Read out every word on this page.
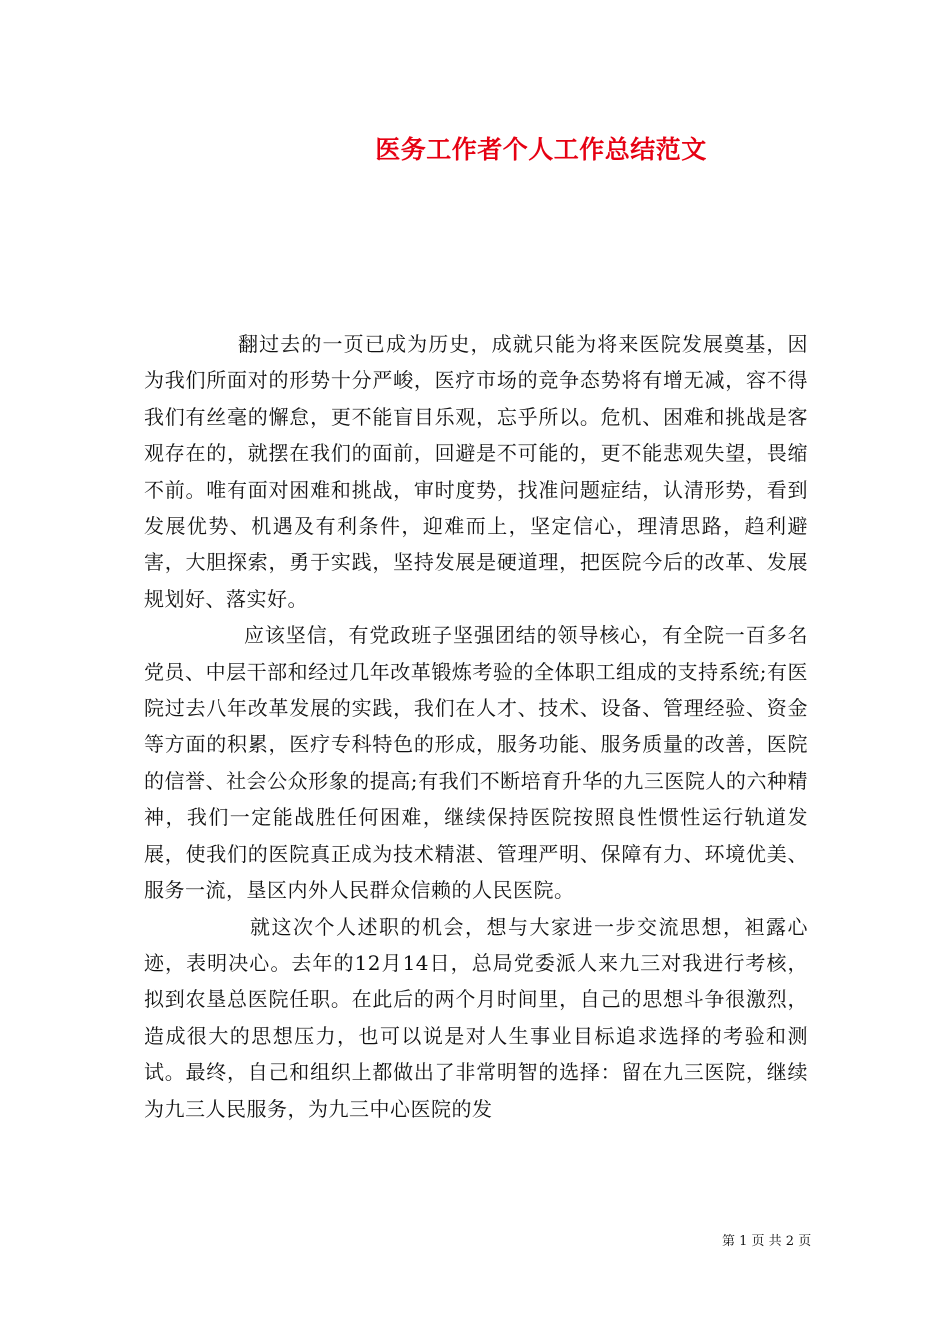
医务工作者个人工作总结范文

翻过去的一页已成为历史，成就只能为将来医院发展奠基，因为我们所面对的形势十分严峻，医疗市场的竞争态势将有增无减，容不得我们有丝毫的懈怠，更不能盲目乐观，忘乎所以。危机、困难和挑战是客观存在的，就摆在我们的面前，回避是不可能的，更不能悲观失望，畏缩不前。唯有面对困难和挑战，审时度势，找准问题症结，认清形势，看到发展优势、机遇及有利条件，迎难而上，坚定信心，理清思路，趋利避害，大胆探索，勇于实践，坚持发展是硬道理，把医院今后的改革、发展规划好、落实好。

应该坚信，有党政班子坚强团结的领导核心，有全院一百多名党员、中层干部和经过几年改革锻炼考验的全体职工组成的支持系统;有医院过去八年改革发展的实践，我们在人才、技术、设备、管理经验、资金等方面的积累，医疗专科特色的形成，服务功能、服务质量的改善，医院的信誉、社会公众形象的提高;有我们不断培育升华的九三医院人的六种精神，我们一定能战胜任何困难，继续保持医院按照良性惯性运行轨道发展，使我们的医院真正成为技术精湛、管理严明、保障有力、环境优美、服务一流，垦区内外人民群众信赖的人民医院。

就这次个人述职的机会，想与大家进一步交流思想，袒露心迹，表明决心。去年的12月14日，总局党委派人来九三对我进行考核，拟到农垦总医院任职。在此后的两个月时间里，自己的思想斗争很激烈，造成很大的思想压力，也可以说是对人生事业目标追求选择的考验和测试。最终，自己和组织上都做出了非常明智的选择：留在九三医院，继续为九三人民服务，为九三中心医院的发

第 1 页 共 2 页
